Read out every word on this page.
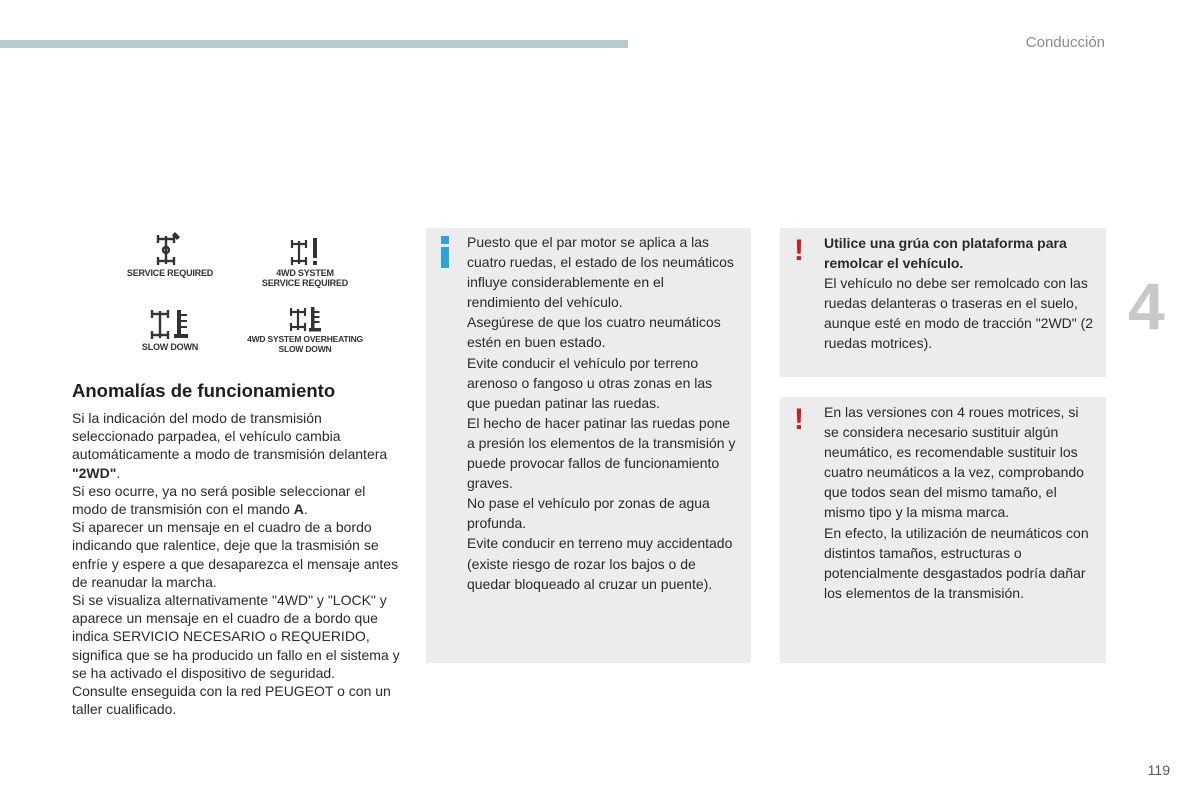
Conducción
4
119
SERVICE REQUIRED	4WD SYSTEM
SERVICE REQUIRED
SLOW DOWN
4WD SYSTEM OVERHEATING
SLOW DOWN
Anomalías de funcionamiento

Si la indicación del modo de transmisión seleccionado parpadea, el vehículo cambia automáticamente a modo de transmisión delantera "2WD".

Si eso ocurre, ya no será posible seleccionar el modo de transmisión con el mando A.

Si aparecer un mensaje en el cuadro de a bordo indicando que ralentice, deje que la trasmisión se enfríe y espere a que desaparezca el mensaje antes de reanudar la marcha.

Si se visualiza alternativamente "4WD" y "LOCK" y aparece un mensaje en el cuadro de a bordo que indica SERVICIO NECESARIO o REQUERIDO, significa que se ha producido un fallo en el sistema y se ha activado el dispositivo de seguridad.

Consulte enseguida con la red PEUGEOT o con un taller cualificado.

Puesto que el par motor se aplica a las cuatro ruedas, el estado de los neumáticos influye considerablemente en el rendimiento del vehículo.

Asegúrese de que los cuatro neumáticos estén en buen estado.

Evite conducir el vehículo por terreno arenoso o fangoso u otras zonas en las que puedan patinar las ruedas.

El hecho de hacer patinar las ruedas pone a presión los elementos de la transmisión y puede provocar fallos de funcionamiento graves.

No pase el vehículo por zonas de agua profunda.

Evite conducir en terreno muy accidentado (existe riesgo de rozar los bajos o de quedar bloqueado al cruzar un puente).

! Utilice una grúa con plataforma para remolcar el vehículo.

El vehículo no debe ser remolcado con las ruedas delanteras o traseras en el suelo, aunque esté en modo de tracción "2WD" (2 ruedas motrices).

! En las versiones con 4 roues motrices, si se considera necesario sustituir algún neumático, es recomendable sustituir los cuatro neumáticos a la vez, comprobando que todos sean del mismo tamaño, el mismo tipo y la misma marca.

En efecto, la utilización de neumáticos con distintos tamaños, estructuras o potencialmente desgastados podría dañar los elementos de la transmisión.
